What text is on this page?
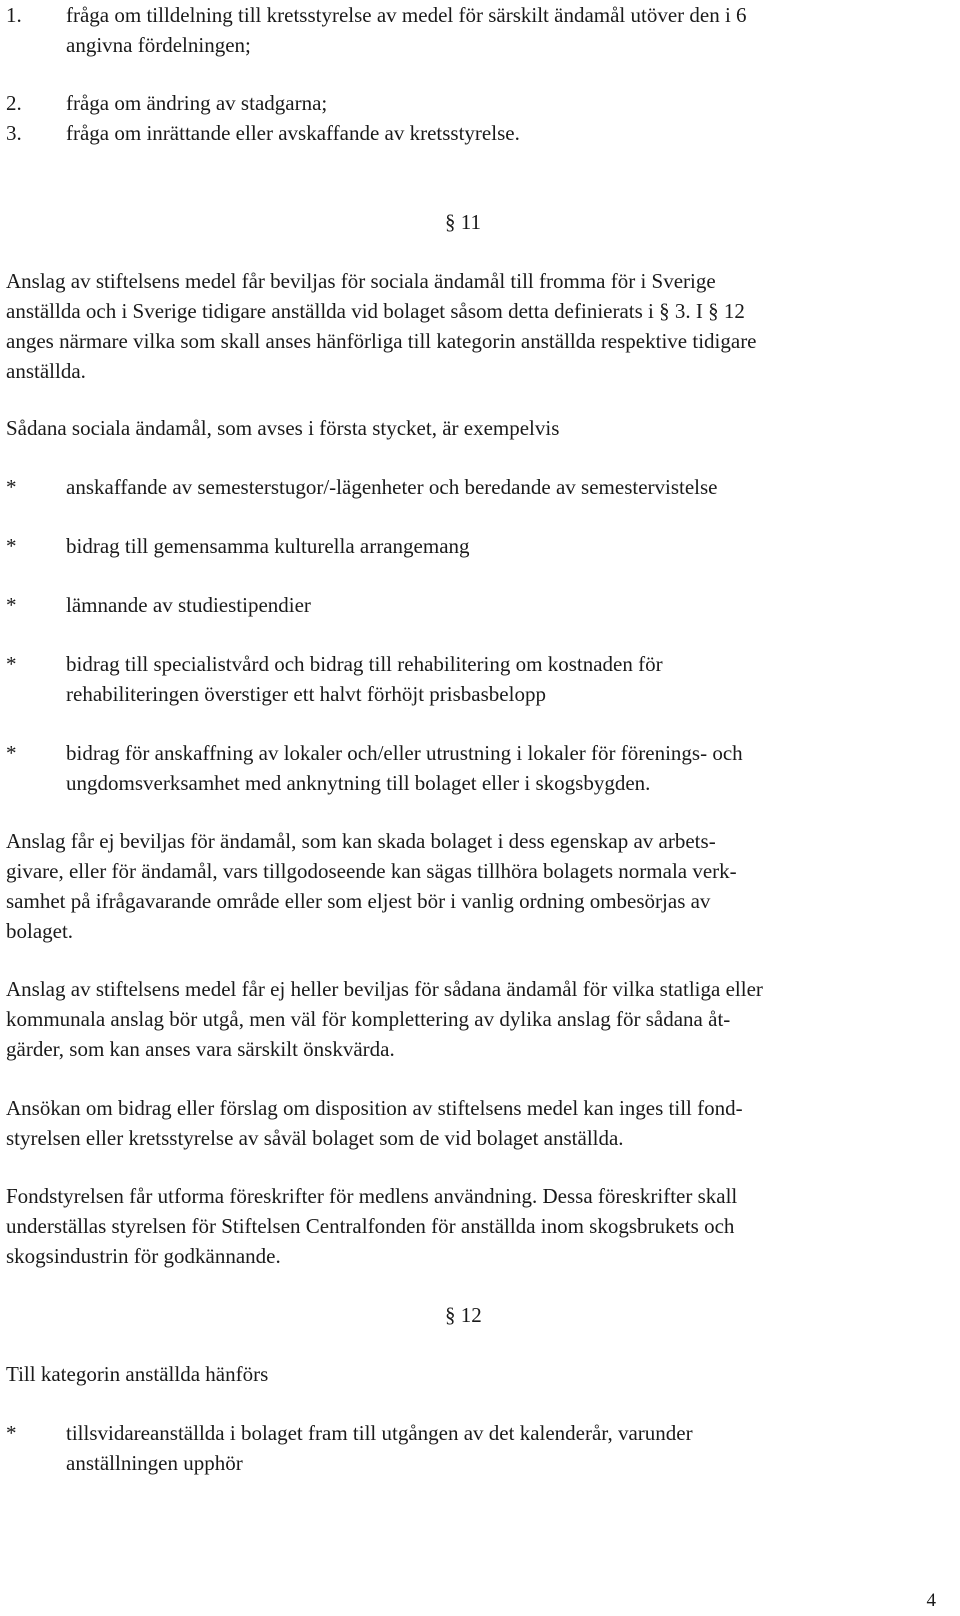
1. fråga om tilldelning till kretsstyrelse av medel för särskilt ändamål utöver den i 6
angivna fördelningen;
2. fråga om ändring av stadgarna;
3. fråga om inrättande eller avskaffande av kretsstyrelse.
§ 11
Anslag av stiftelsens medel får beviljas för sociala ändamål till fromma för i Sverige
anställda och i Sverige tidigare anställda vid bolaget såsom detta definierats i § 3. I § 12
anges närmare vilka som skall anses hänförliga till kategorin anställda respektive tidigare
anställda.
Sådana sociala ändamål, som avses i första stycket, är exempelvis
* anskaffande av semesterstugor/-lägenheter och beredande av semestervistelse
* bidrag till gemensamma kulturella arrangemang
* lämnande av studiestipendier
* bidrag till specialistvård och bidrag till rehabilitering om kostnaden för
rehabiliteringen överstiger ett halvt förhöjt prisbasbelopp
* bidrag för anskaffning av lokaler och/eller utrustning i lokaler för förenings- och
ungdomsverksamhet med anknytning till bolaget eller i skogsbygden.
Anslag får ej beviljas för ändamål, som kan skada bolaget i dess egenskap av arbets-
givare, eller för ändamål, vars tillgodoseende kan sägas tillhöra bolagets normala verk-
samhet på ifrågavarande område eller som eljest bör i vanlig ordning ombesörjas av
bolaget.
Anslag av stiftelsens medel får ej heller beviljas för sådana ändamål för vilka statliga eller
kommunala anslag bör utgå, men väl för komplettering av dylika anslag för sådana åt-
gärder, som kan anses vara särskilt önskvärda.
Ansökan om bidrag eller förslag om disposition av stiftelsens medel kan inges till fond-
styrelsen eller kretsstyrelse av såväl bolaget som de vid bolaget anställda.
Fondstyrelsen får utforma föreskrifter för medlens användning. Dessa föreskrifter skall
underställas styrelsen för Stiftelsen Centralfonden för anställda inom skogsbrukets och
skogsindustrin för godkännande.
§ 12
Till kategorin anställda hänförs
* tillsvidareanställda i bolaget fram till utgången av det kalenderår, varunder
anställningen upphör
4
